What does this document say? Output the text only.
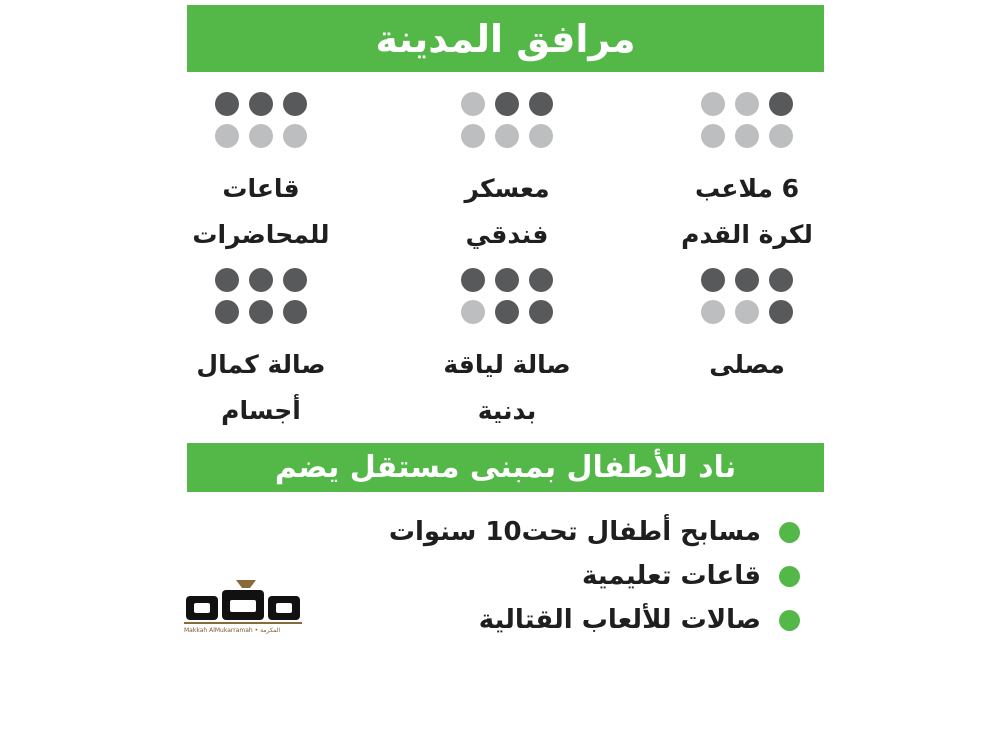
مرافق المدينة
قاعات
للمحاضرات
معسكر
فندقي
6 ملاعب
لكرة القدم
صالة كمال
أجسام
صالة لياقة
بدنية
مصلى
ناد للأطفال بمبنى مستقل يضم
مسابح أطفال تحت10 سنوات
قاعات تعليمية
صالات للألعاب القتالية
Makkah AlMukarramah • المكرمة
